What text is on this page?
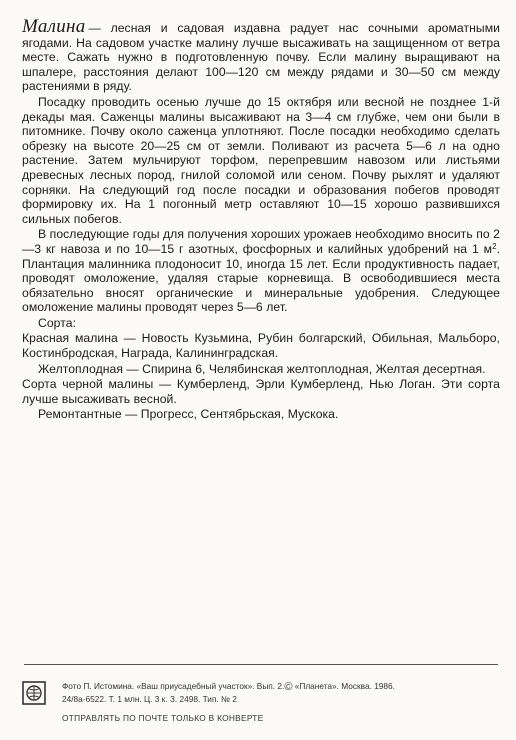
Малина — лесная и садовая издавна радует нас сочными ароматными ягодами. На садовом участке малину лучше высаживать на защищенном от ветра месте. Сажать нужно в подготовленную почву. Если малину выращивают на шпалере, расстояния делают 100—120 см между рядами и 30—50 см между растениями в ряду.

Посадку проводить осенью лучше до 15 октября или весной не позднее 1-й декады мая. Саженцы малины высаживают на 3—4 см глубже, чем они были в питомнике. Почву около саженца уплотняют. После посадки необходимо сделать обрезку на высоте 20—25 см от земли. Поливают из расчета 5—6 л на одно растение. Затем мульчируют торфом, перепревшим навозом или листьями древесных лесных пород, гнилой соломой или сеном. Почву рыхлят и удаляют сорняки. На следующий год после посадки и образования побегов проводят формировку их. На 1 погонный метр оставляют 10—15 хорошо развившихся сильных побегов.

В последующие годы для получения хороших урожаев необходимо вносить по 2—3 кг навоза и по 10—15 г азотных, фосфорных и калийных удобрений на 1 $м^2$. Плантация малинника плодоносит 10, иногда 15 лет. Если продуктивность падает, проводят омоложение, удаляя старые корневища. В освободившиеся места обязательно вносят органические и минеральные удобрения. Следующее омоложение малины проводят через 5—6 лет.

Сорта:

Красная малина — Новость Кузьмина, Рубин болгарский, Обильная, Мальборо, Костинбродская, Награда, Калининградская.

Желтоплодная — Спирина 6, Челябинская желтоплодная, Желтая десертная.

Сорта черной малины — Кумберленд, Эрли Кумберленд, Нью Логан. Эти сорта лучше высаживать весной.

Ремонтантные — Прогресс, Сентябрьская, Мускока.

Фото П. Истомина. «Ваш приусадебный участок». Вып. 2.© «Планета». Москва. 1986.
24/8а-6522. Т. 1 млн. Ц. 3 к. З. 2498. Тип. № 2
ОТПРАВЛЯТЬ ПО ПОЧТЕ ТОЛЬКО В КОНВЕРТЕ
